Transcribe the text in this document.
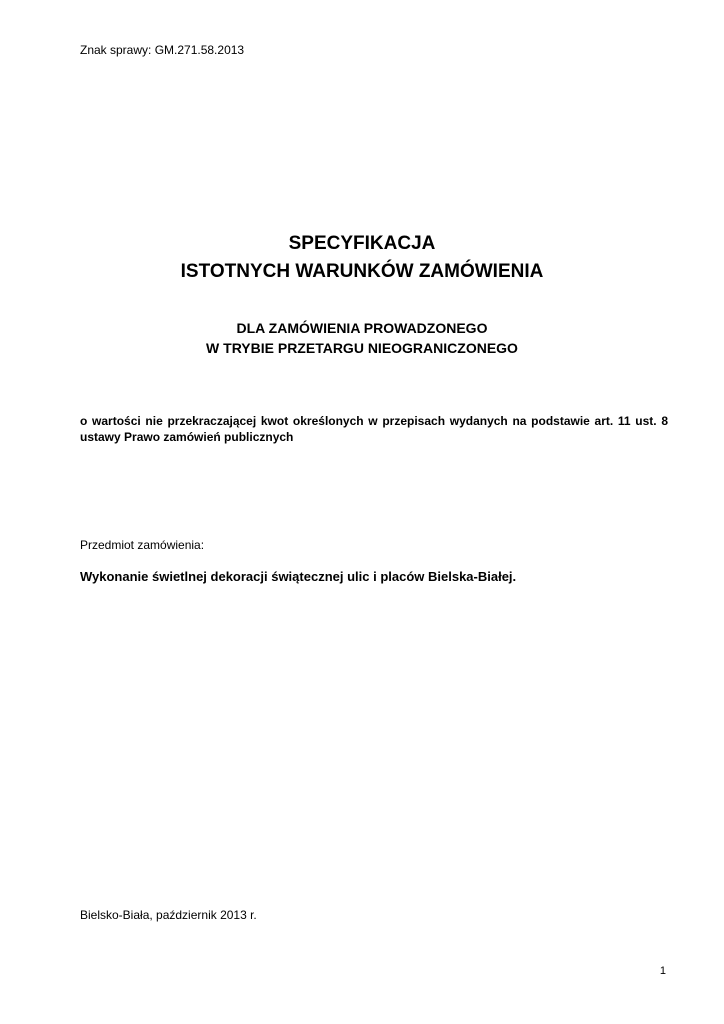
Znak sprawy: GM.271.58.2013
SPECYFIKACJA
ISTOTNYCH WARUNKÓW ZAMÓWIENIA
DLA ZAMÓWIENIA PROWADZONEGO
W TRYBIE PRZETARGU NIEOGRANICZONEGO
o wartości nie przekraczającej kwot określonych w przepisach wydanych na podstawie art. 11 ust. 8 ustawy Prawo zamówień publicznych
Przedmiot zamówienia:
Wykonanie świetlnej dekoracji świątecznej ulic i placów Bielska-Białej.
Bielsko-Biała, październik 2013 r.
1
